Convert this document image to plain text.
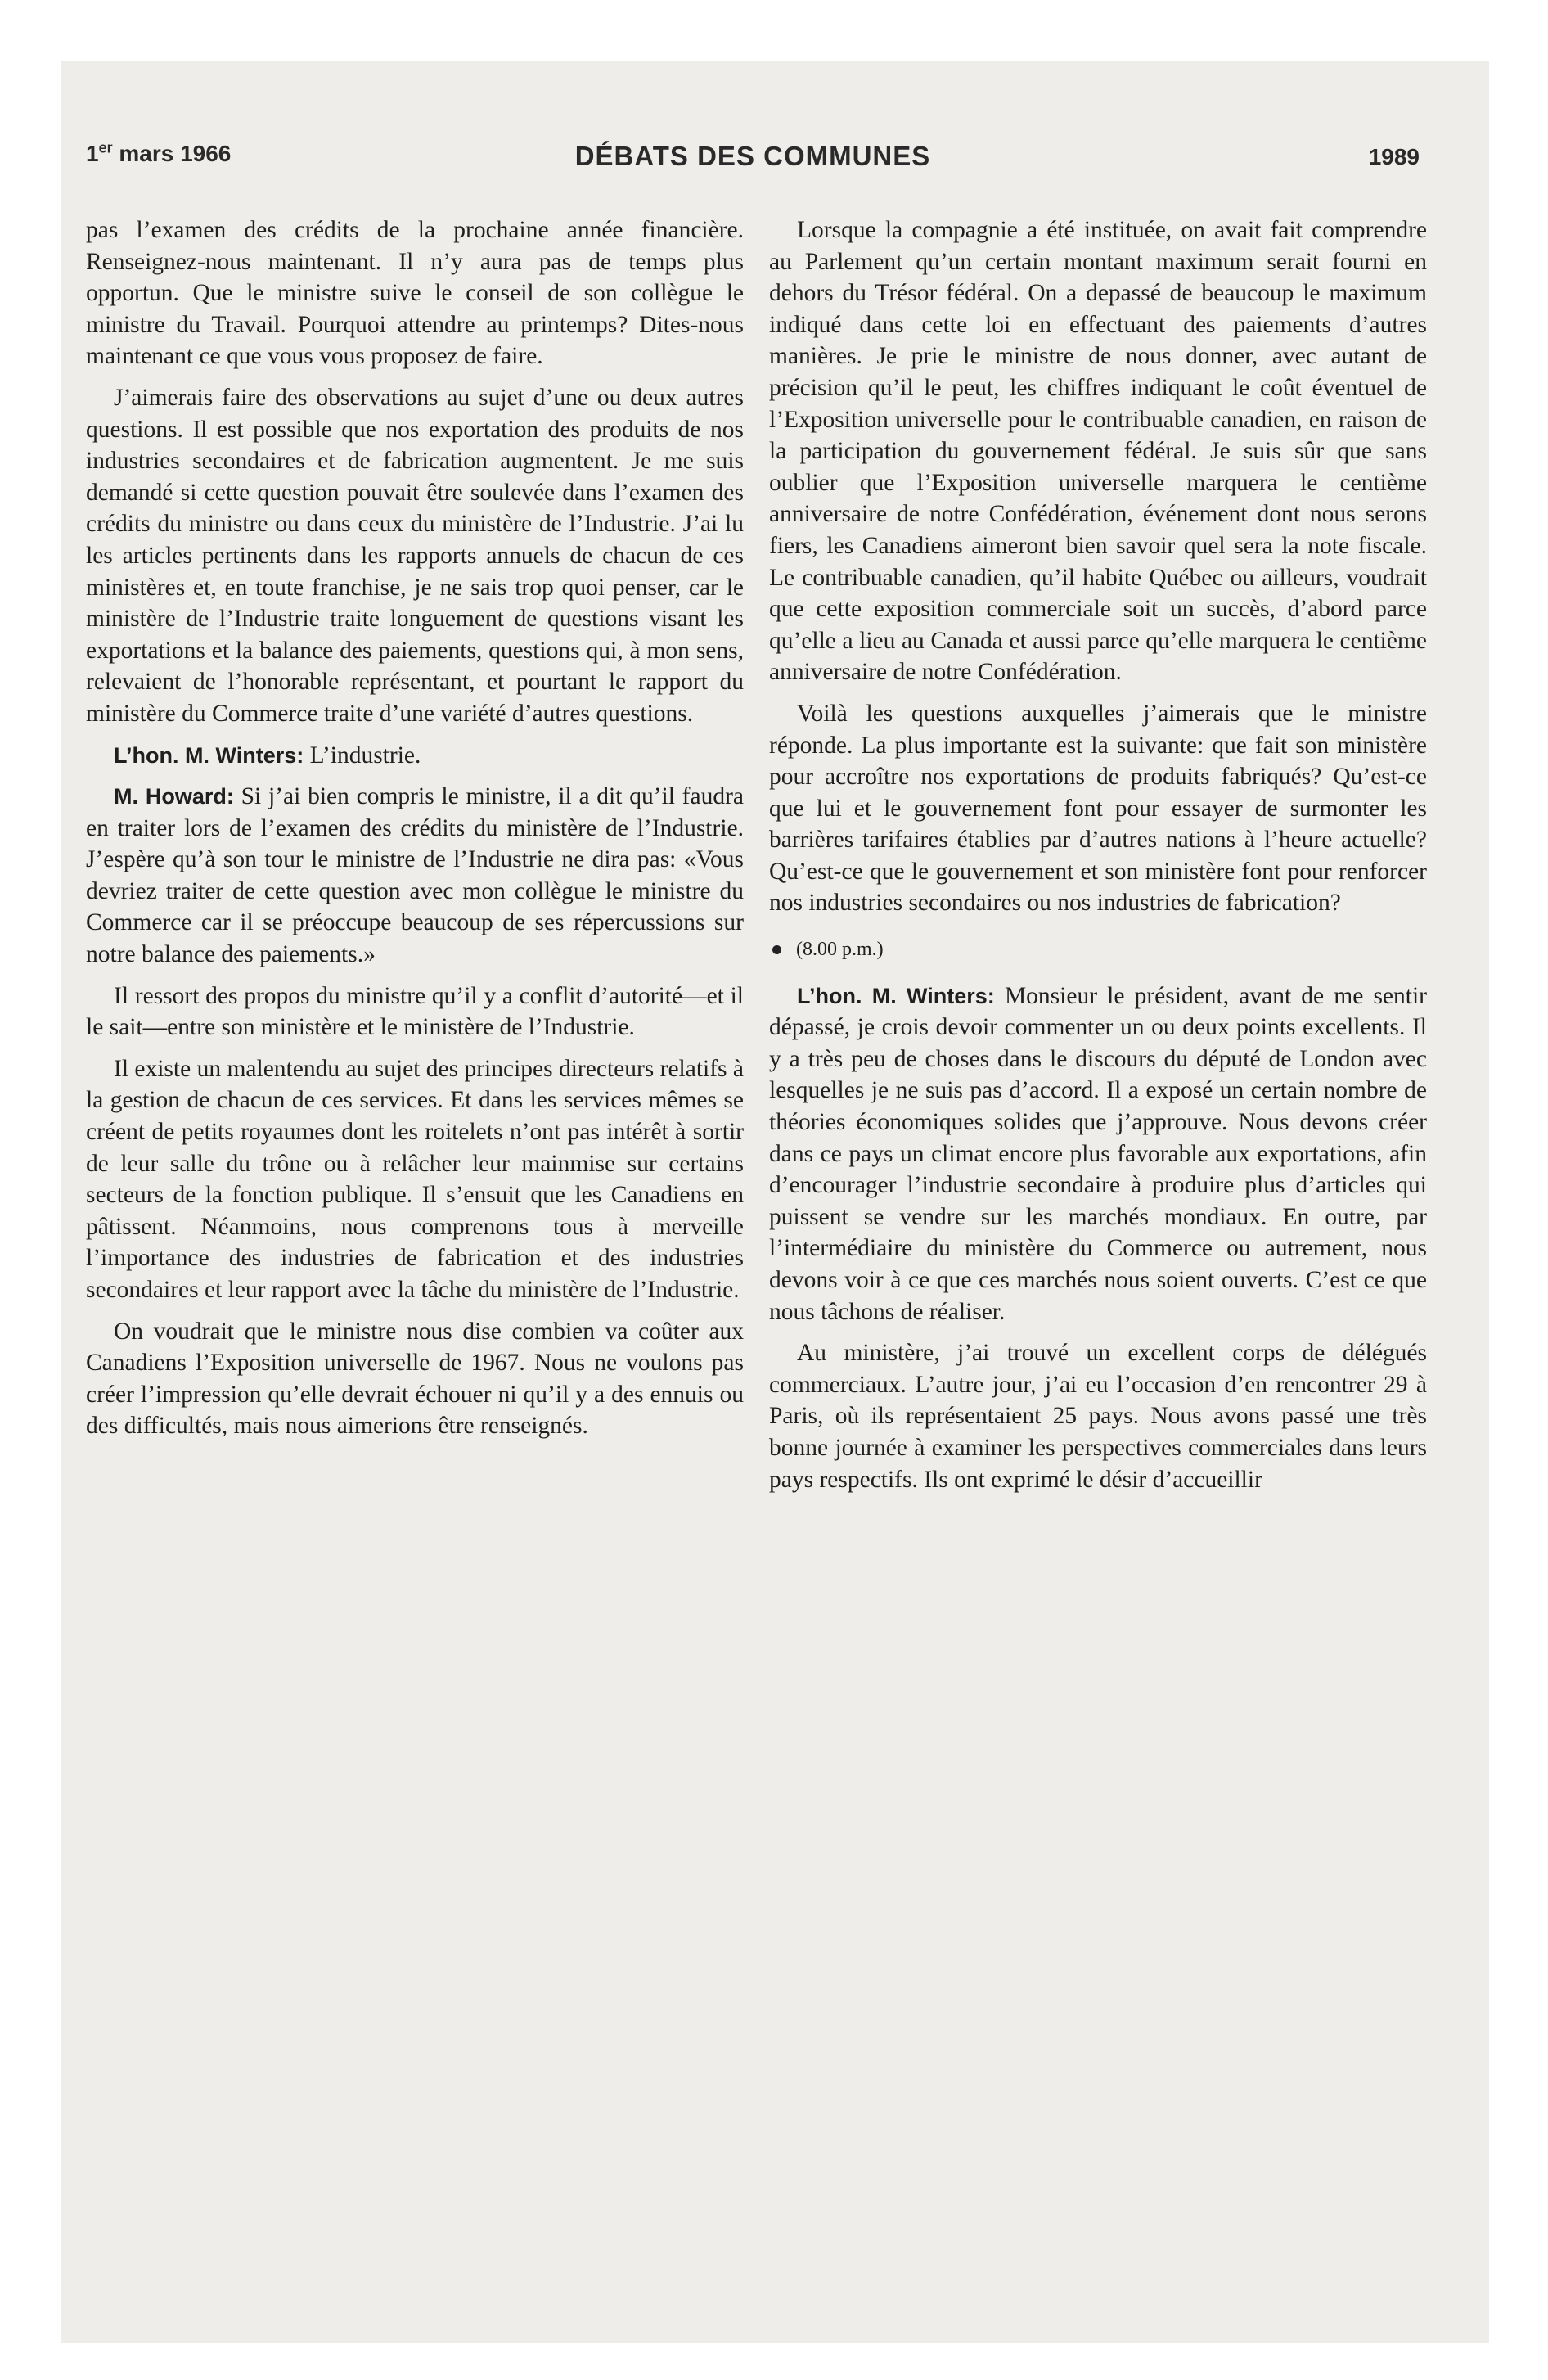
1er mars 1966	DÉBATS DES COMMUNES	1989

pas l’examen des crédits de la prochaine année financière. Renseignez-nous maintenant. Il n’y aura pas de temps plus opportun. Que le ministre suive le conseil de son collègue le ministre du Travail. Pourquoi attendre au printemps? Dites-nous maintenant ce que vous vous proposez de faire.

J’aimerais faire des observations au sujet d’une ou deux autres questions. Il est possible que nos exportation des produits de nos industries secondaires et de fabrication augmentent. Je me suis demandé si cette question pouvait être soulevée dans l’examen des crédits du ministre ou dans ceux du ministère de l’Industrie. J’ai lu les articles pertinents dans les rapports annuels de chacun de ces ministères et, en toute franchise, je ne sais trop quoi penser, car le ministère de l’Industrie traite longuement de questions visant les exportations et la balance des paiements, questions qui, à mon sens, relevaient de l’honorable représentant, et pourtant le rapport du ministère du Commerce traite d’une variété d’autres questions.

L’hon. M. Winters: L’industrie.

M. Howard: Si j’ai bien compris le ministre, il a dit qu’il faudra en traiter lors de l’examen des crédits du ministère de l’Industrie. J’espère qu’à son tour le ministre de l’Industrie ne dira pas: «Vous devriez traiter de cette question avec mon collègue le ministre du Commerce car il se préoccupe beaucoup de ses répercussions sur notre balance des paiements.»

Il ressort des propos du ministre qu’il y a conflit d’autorité—et il le sait—entre son ministère et le ministère de l’Industrie.

Il existe un malentendu au sujet des principes directeurs relatifs à la gestion de chacun de ces services. Et dans les services mêmes se créent de petits royaumes dont les roitelets n’ont pas intérêt à sortir de leur salle du trône ou à relâcher leur mainmise sur certains secteurs de la fonction publique. Il s’ensuit que les Canadiens en pâtissent. Néanmoins, nous comprenons tous à merveille l’importance des industries de fabrication et des industries secondaires et leur rapport avec la tâche du ministère de l’Industrie.

On voudrait que le ministre nous dise combien va coûter aux Canadiens l’Exposition universelle de 1967. Nous ne voulons pas créer l’impression qu’elle devrait échouer ni qu’il y a des ennuis ou des difficultés, mais nous aimerions être renseignés.

Lorsque la compagnie a été instituée, on avait fait comprendre au Parlement qu’un certain montant maximum serait fourni en dehors du Trésor fédéral. On a depassé de beaucoup le maximum indiqué dans cette loi en effectuant des paiements d’autres manières. Je prie le ministre de nous donner, avec autant de précision qu’il le peut, les chiffres indiquant le coût éventuel de l’Exposition universelle pour le contribuable canadien, en raison de la participation du gouvernement fédéral. Je suis sûr que sans oublier que l’Exposition universelle marquera le centième anniversaire de notre Confédération, événement dont nous serons fiers, les Canadiens aimeront bien savoir quel sera la note fiscale. Le contribuable canadien, qu’il habite Québec ou ailleurs, voudrait que cette exposition commerciale soit un succès, d’abord parce qu’elle a lieu au Canada et aussi parce qu’elle marquera le centième anniversaire de notre Confédération.

Voilà les questions auxquelles j’aimerais que le ministre réponde. La plus importante est la suivante: que fait son ministère pour accroître nos exportations de produits fabriqués? Qu’est-ce que lui et le gouvernement font pour essayer de surmonter les barrières tarifaires établies par d’autres nations à l’heure actuelle? Qu’est-ce que le gouvernement et son ministère font pour renforcer nos industries secondaires ou nos industries de fabrication?

(8.00 p.m.)

L’hon. M. Winters: Monsieur le président, avant de me sentir dépassé, je crois devoir commenter un ou deux points excellents. Il y a très peu de choses dans le discours du député de London avec lesquelles je ne suis pas d’accord. Il a exposé un certain nombre de théories économiques solides que j’approuve. Nous devons créer dans ce pays un climat encore plus favorable aux exportations, afin d’encourager l’industrie secondaire à produire plus d’articles qui puissent se vendre sur les marchés mondiaux. En outre, par l’intermédiaire du ministère du Commerce ou autrement, nous devons voir à ce que ces marchés nous soient ouverts. C’est ce que nous tâchons de réaliser.

Au ministère, j’ai trouvé un excellent corps de délégués commerciaux. L’autre jour, j’ai eu l’occasion d’en rencontrer 29 à Paris, où ils représentaient 25 pays. Nous avons passé une très bonne journée à examiner les perspectives commerciales dans leurs pays respectifs. Ils ont exprimé le désir d’accueillir
